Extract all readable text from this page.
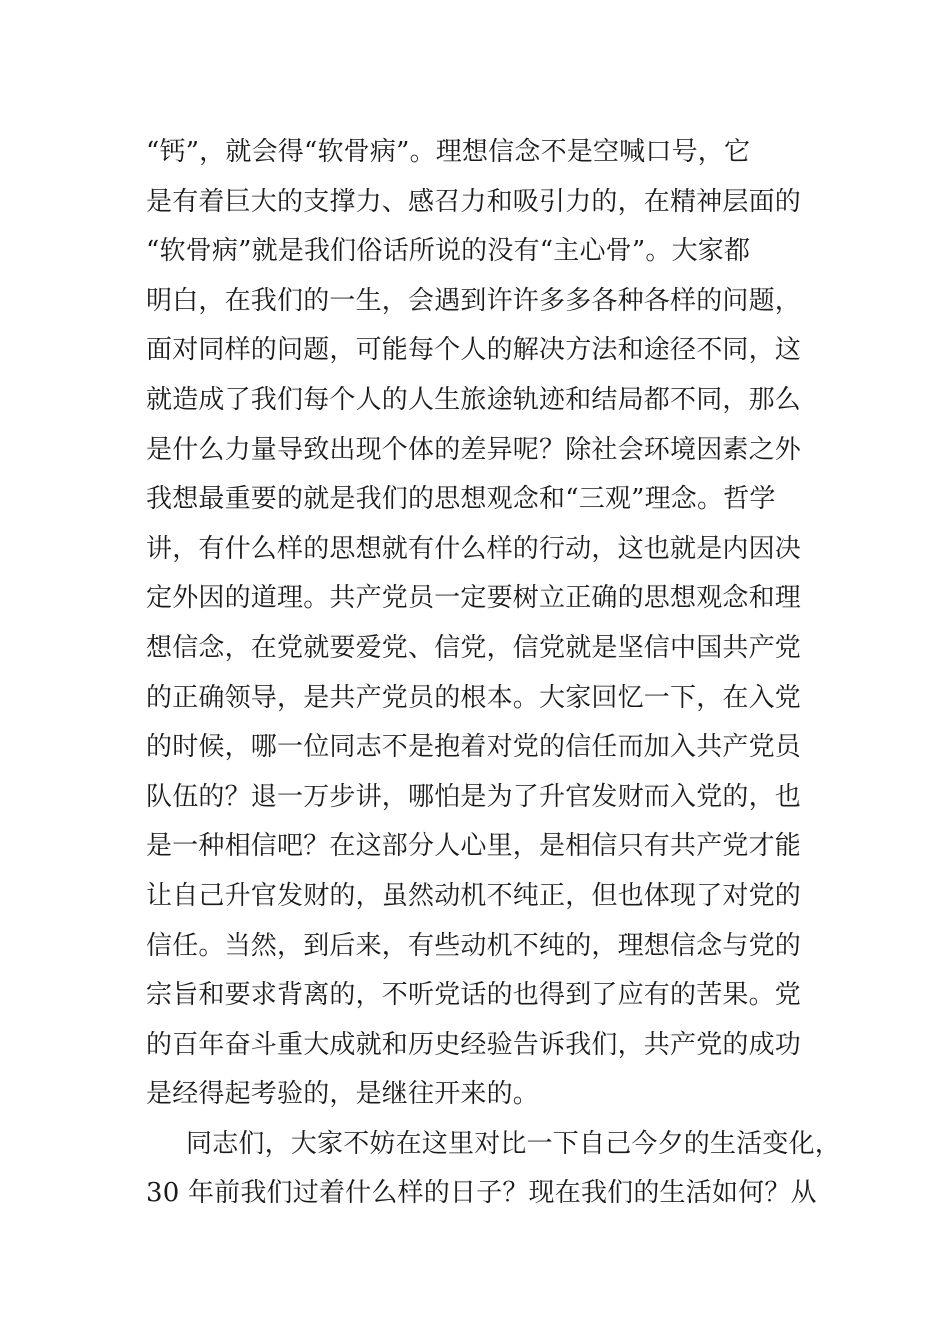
“钙”，就会得“软骨病”。理想信念不是空喊口号，它
是有着巨大的支撑力、感召力和吸引力的，在精神层面的
“软骨病”就是我们俗话所说的没有“主心骨”。大家都
明白，在我们的一生，会遇到许许多多各种各样的问题，
面对同样的问题，可能每个人的解决方法和途径不同，这
就造成了我们每个人的人生旅途轨迹和结局都不同，那么
是什么力量导致出现个体的差异呢？除社会环境因素之外
我想最重要的就是我们的思想观念和“三观”理念。哲学
讲，有什么样的思想就有什么样的行动，这也就是内因决
定外因的道理。共产党员一定要树立正确的思想观念和理
想信念，在党就要爱党、信党，信党就是坚信中国共产党
的正确领导，是共产党员的根本。大家回忆一下，在入党
的时候，哪一位同志不是抱着对党的信任而加入共产党员
队伍的？退一万步讲，哪怕是为了升官发财而入党的，也
是一种相信吧？在这部分人心里，是相信只有共产党才能
让自己升官发财的，虽然动机不纯正，但也体现了对党的
信任。当然，到后来，有些动机不纯的，理想信念与党的
宗旨和要求背离的，不听党话的也得到了应有的苦果。党
的百年奋斗重大成就和历史经验告诉我们，共产党的成功
是经得起考验的，是继往开来的。
同志们，大家不妨在这里对比一下自己今夕的生活变化，
30 年前我们过着什么样的日子？现在我们的生活如何？从
